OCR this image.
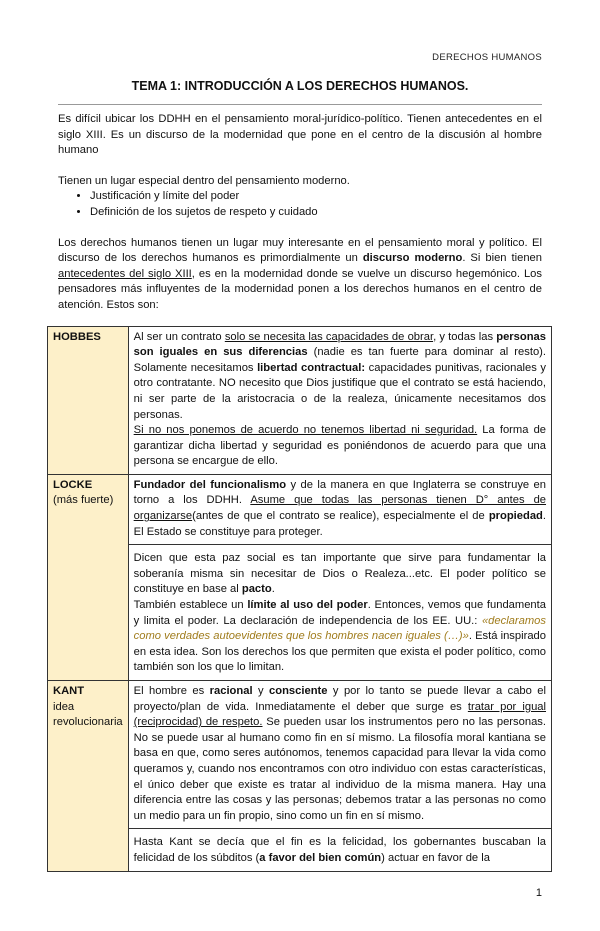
DERECHOS HUMANOS
TEMA 1: INTRODUCCIÓN A LOS DERECHOS HUMANOS.
Es difícil ubicar los DDHH en el pensamiento moral-jurídico-político. Tienen antecedentes en el siglo XIII. Es un discurso de la modernidad que pone en el centro de la discusión al hombre humano
Tienen un lugar especial dentro del pensamiento moderno.
• Justificación y límite del poder
• Definición de los sujetos de respeto y cuidado
Los derechos humanos tienen un lugar muy interesante en el pensamiento moral y político. El discurso de los derechos humanos es primordialmente un discurso moderno. Si bien tienen antecedentes del siglo XIII, es en la modernidad donde se vuelve un discurso hegemónico. Los pensadores más influyentes de la modernidad ponen a los derechos humanos en el centro de atención. Estos son:
HOBBES	Al ser un contrato solo se necesita las capacidades de obrar, y todas las personas son iguales en sus diferencias (nadie es tan fuerte para dominar al resto). Solamente necesitamos libertad contractual: capacidades punitivas, racionales y otro contratante. NO necesito que Dios justifique que el contrato se está haciendo, ni ser parte de la aristocracia o de la realeza, únicamente necesitamos dos personas.
Si no nos ponemos de acuerdo no tenemos libertad ni seguridad. La forma de garantizar dicha libertad y seguridad es poniéndonos de acuerdo para que una persona se encargue de ello.
LOCKE
(más fuerte)	Fundador del funcionalismo y de la manera en que Inglaterra se construye en torno a los DDHH. Asume que todas las personas tienen D° antes de organizarse(antes de que el contrato se realice), especialmente el de propiedad. El Estado se constituye para proteger.
	Dicen que esta paz social es tan importante que sirve para fundamentar la soberanía misma sin necesitar de Dios o Realeza...etc. El poder político se constituye en base al pacto.
También establece un límite al uso del poder. Entonces, vemos que fundamenta y limita el poder. La declaración de independencia de los EE. UU.: «declaramos como verdades autoevidentes que los hombres nacen iguales (…)». Está inspirado en esta idea. Son los derechos los que permiten que exista el poder político, como también son los que lo limitan.
KANT
idea revolucionaria	El hombre es racional y consciente y por lo tanto se puede llevar a cabo el proyecto/plan de vida. Inmediatamente el deber que surge es tratar por igual (reciprocidad) de respeto. Se pueden usar los instrumentos pero no las personas. No se puede usar al humano como fin en sí mismo. La filosofía moral kantiana se basa en que, como seres autónomos, tenemos capacidad para llevar la vida como queramos y, cuando nos encontramos con otro individuo con estas características, el único deber que existe es tratar al individuo de la misma manera. Hay una diferencia entre las cosas y las personas; debemos tratar a las personas no como un medio para un fin propio, sino como un fin en sí mismo.
	Hasta Kant se decía que el fin es la felicidad, los gobernantes buscaban la felicidad de los súbditos (a favor del bien común) actuar en favor de la
1
